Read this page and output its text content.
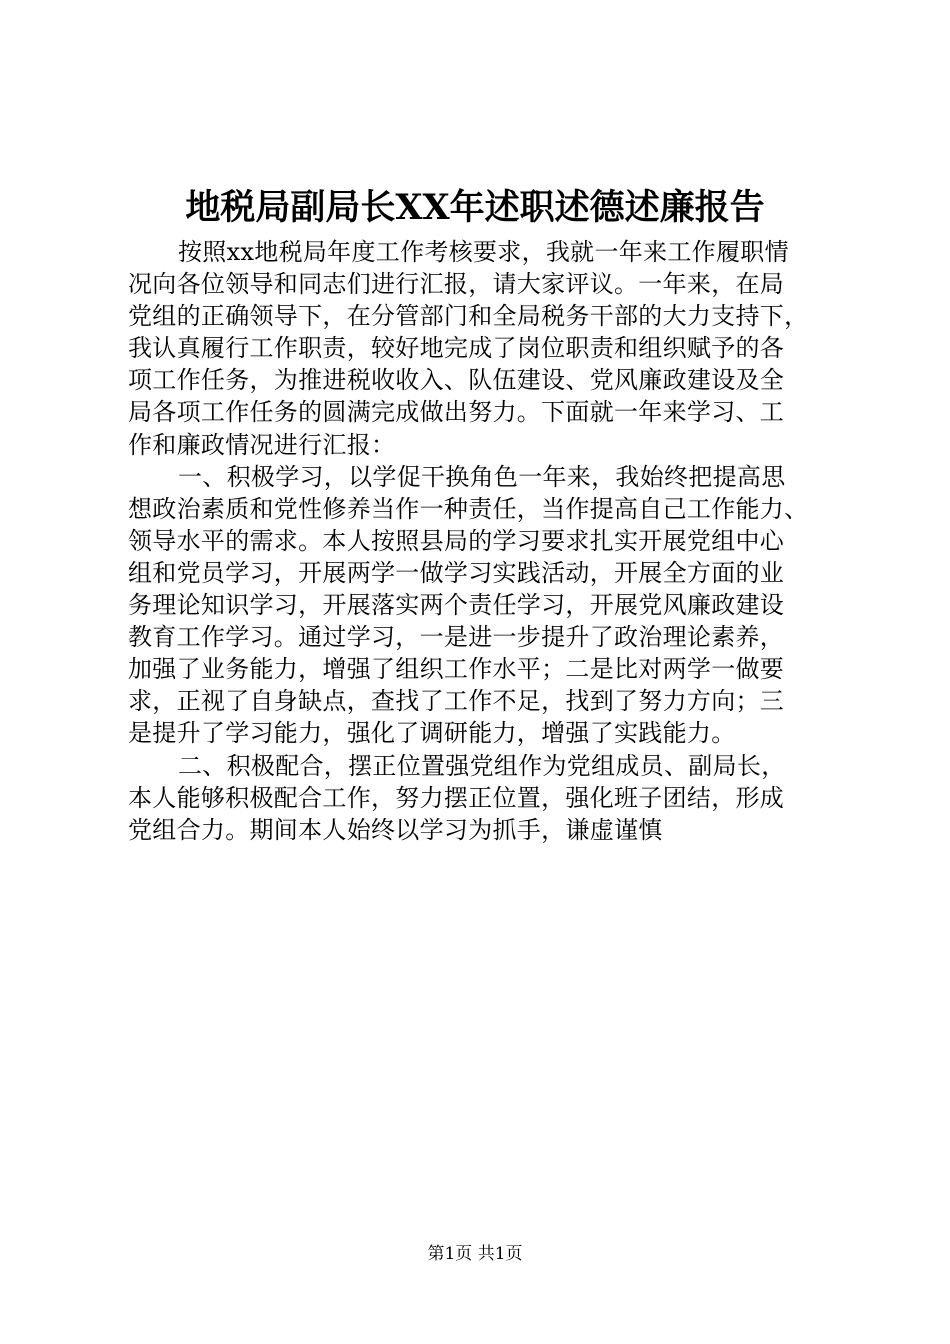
地税局副局长XX年述职述德述廉报告
按照xx地税局年度工作考核要求，我就一年来工作履职情
况向各位领导和同志们进行汇报，请大家评议。一年来，在局
党组的正确领导下，在分管部门和全局税务干部的大力支持下，
我认真履行工作职责，较好地完成了岗位职责和组织赋予的各
项工作任务，为推进税收收入、队伍建设、党风廉政建设及全
局各项工作任务的圆满完成做出努力。下面就一年来学习、工
作和廉政情况进行汇报：
一、积极学习，以学促干换角色一年来，我始终把提高思
想政治素质和党性修养当作一种责任，当作提高自己工作能力、
领导水平的需求。本人按照县局的学习要求扎实开展党组中心
组和党员学习，开展两学一做学习实践活动，开展全方面的业
务理论知识学习，开展落实两个责任学习，开展党风廉政建设
教育工作学习。通过学习，一是进一步提升了政治理论素养，
加强了业务能力，增强了组织工作水平；二是比对两学一做要
求，正视了自身缺点，查找了工作不足，找到了努力方向；三
是提升了学习能力，强化了调研能力，增强了实践能力。
二、积极配合，摆正位置强党组作为党组成员、副局长，
本人能够积极配合工作，努力摆正位置，强化班子团结，形成
党组合力。期间本人始终以学习为抓手，谦虚谨慎
第1页 共1页
